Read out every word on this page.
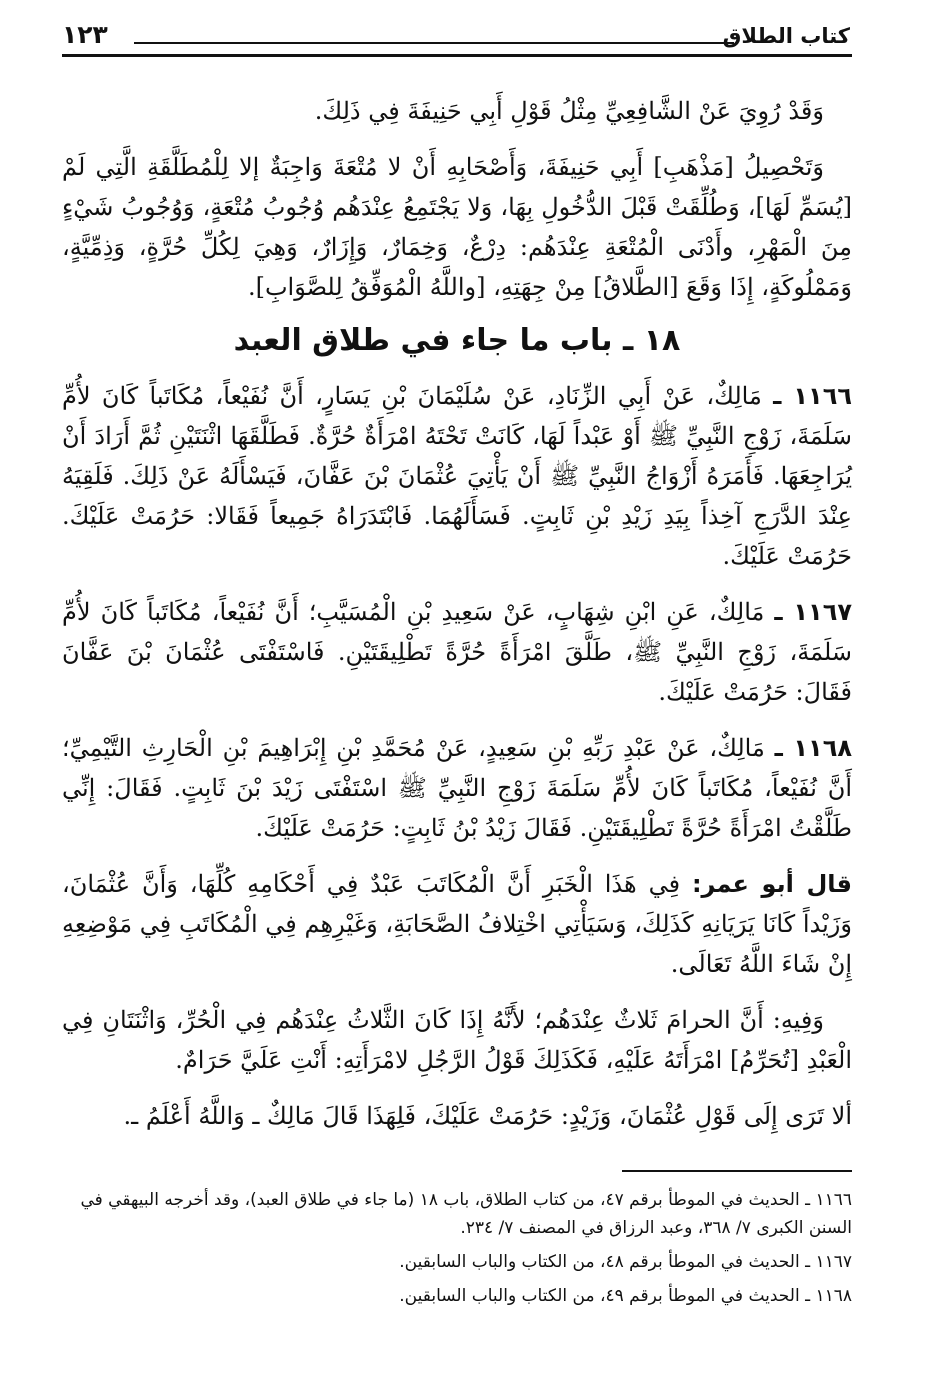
كتاب الطلاق
١٢٣

وَقَدْ رُوِيَ عَنْ الشَّافِعِيِّ مِثْلُ قَوْلِ أَبِي حَنِيفَةَ فِي ذَلِكَ.

وَتَحْصِيلُ [مَذْهَبِ] أَبِي حَنِيفَةَ، وَأَصْحَابِهِ أَنْ لا مُتْعَةَ وَاجِبَةٌ إلا لِلْمُطَلَّقَةِ الَّتِي لَمْ [يُسَمِّ لَهَا]، وَطُلِّقَتْ قَبْلَ الدُّخُولِ بِهَا، وَلا يَجْتَمِعُ عِنْدَهُم وُجُوبُ مُتْعَةٍ، وَوُجُوبُ شَيْءٍ مِنَ الْمَهْرِ، وأَدْنَى الْمُتْعَةِ عِنْدَهُم: دِرْعٌ، وَخِمَارٌ، وَإِزَارٌ، وَهِيَ لِكُلِّ حُرَّةٍ، وَذِمِّيَّةٍ، وَمَمْلُوكَةٍ، إِذَا وَقَعَ [الطَّلاقُ] مِنْ جِهَتِهِ، [واللَّهُ الْمُوَفِّقُ لِلصَّوَابِ].

١٨ ـ باب ما جاء في طلاق العبد

١١٦٦ ـ مَالِكٌ، عَنْ أَبِي الزِّنَادِ، عَنْ سُلَيْمَانَ بْنِ يَسَارٍ، أَنَّ نُفَيْعاً، مُكَاتَباً كَانَ لأُمِّ سَلَمَةَ، زَوْجِ النَّبِيِّ ﷺ أَوْ عَبْداً لَهَا، كَانَتْ تَحْتَهُ امْرَأَةٌ حُرَّةٌ. فَطَلَّقَهَا اثْنَتَيْنِ ثُمَّ أَرَادَ أَنْ يُرَاجِعَهَا. فَأَمَرَهُ أَزْوَاجُ النَّبِيِّ ﷺ أَنْ يَأْتِيَ عُثْمَانَ بْنَ عَفَّانَ، فَيَسْأَلَهُ عَنْ ذَلِكَ. فَلَقِيَهُ عِنْدَ الدَّرَجِ آخِذاً بِيَدِ زَيْدِ بْنِ ثَابِتٍ. فَسَأَلَهُمَا. فَابْتَدَرَاهُ جَمِيعاً فَقَالا: حَرُمَتْ عَلَيْكَ. حَرُمَتْ عَلَيْكَ.

١١٦٧ ـ مَالِكٌ، عَنِ ابْنِ شِهَابٍ، عَنْ سَعِيدِ بْنِ الْمُسَيَّبِ؛ أَنَّ نُفَيْعاً، مُكَاتَباً كَانَ لأُمِّ سَلَمَةَ، زَوْجِ النَّبِيِّ ﷺ، طَلَّقَ امْرَأَةً حُرَّةً تَطْلِيقَتَيْنِ. فَاسْتَفْتَى عُثْمَانَ بْنَ عَفَّانَ فَقَالَ: حَرُمَتْ عَلَيْكَ.

١١٦٨ ـ مَالِكٌ، عَنْ عَبْدِ رَبِّهِ بْنِ سَعِيدٍ، عَنْ مُحَمَّدِ بْنِ إِبْرَاهِيمَ بْنِ الْحَارِثِ التَّيْمِيِّ؛ أَنَّ نُفَيْعاً، مُكَاتَباً كَانَ لأُمِّ سَلَمَةَ زَوْجِ النَّبِيِّ ﷺ اسْتَفْتَى زَيْدَ بْنَ ثَابِتٍ. فَقَالَ: إِنِّي طَلَّقْتُ امْرَأَةً حُرَّةً تَطْلِيقَتَيْنِ. فَقَالَ زَيْدُ بْنُ ثَابِتٍ: حَرُمَتْ عَلَيْكَ.

قال أبو عمر: فِي هَذَا الْخَبَرِ أَنَّ الْمُكَاتَبَ عَبْدٌ فِي أَحْكَامِهِ كُلِّهَا، وَأَنَّ عُثْمَانَ، وَزَيْداً كَانَا يَرَيَانِهِ كَذَلِكَ، وَسَيَأْتِي اخْتِلافُ الصَّحَابَةِ، وَغَيْرِهِم فِي الْمُكَاتَبِ فِي مَوْضِعِهِ إِنْ شَاءَ اللَّهُ تَعَالَى.

وَفِيهِ: أَنَّ الحرامَ ثَلاثٌ عِنْدَهُم؛ لأَنَّهُ إِذَا كَانَ الثَّلاثُ عِنْدَهُم فِي الْحُرِّ، وَاثْنَتَانِ فِي الْعَبْدِ [تُحَرِّمُ] امْرَأَتَهُ عَلَيْهِ، فَكَذَلِكَ قَوْلُ الرَّجُلِ لامْرَأَتِهِ: أَنْتِ عَلَيَّ حَرَامٌ.

ألا تَرَى إِلَى قَوْلِ عُثْمَانَ، وَزَيْدٍ: حَرُمَتْ عَلَيْكَ، فَلِهَذَا قَالَ مَالِكٌ ـ وَاللَّهُ أَعْلَمُ ـ.

١١٦٦ ـ الحديث في الموطأ برقم ٤٧، من كتاب الطلاق، باب ١٨ (ما جاء في طلاق العبد)، وقد أخرجه البيهقي في السنن الكبرى ٧/ ٣٦٨، وعبد الرزاق في المصنف ٧/ ٢٣٤.

١١٦٧ ـ الحديث في الموطأ برقم ٤٨، من الكتاب والباب السابقين.

١١٦٨ ـ الحديث في الموطأ برقم ٤٩، من الكتاب والباب السابقين.
